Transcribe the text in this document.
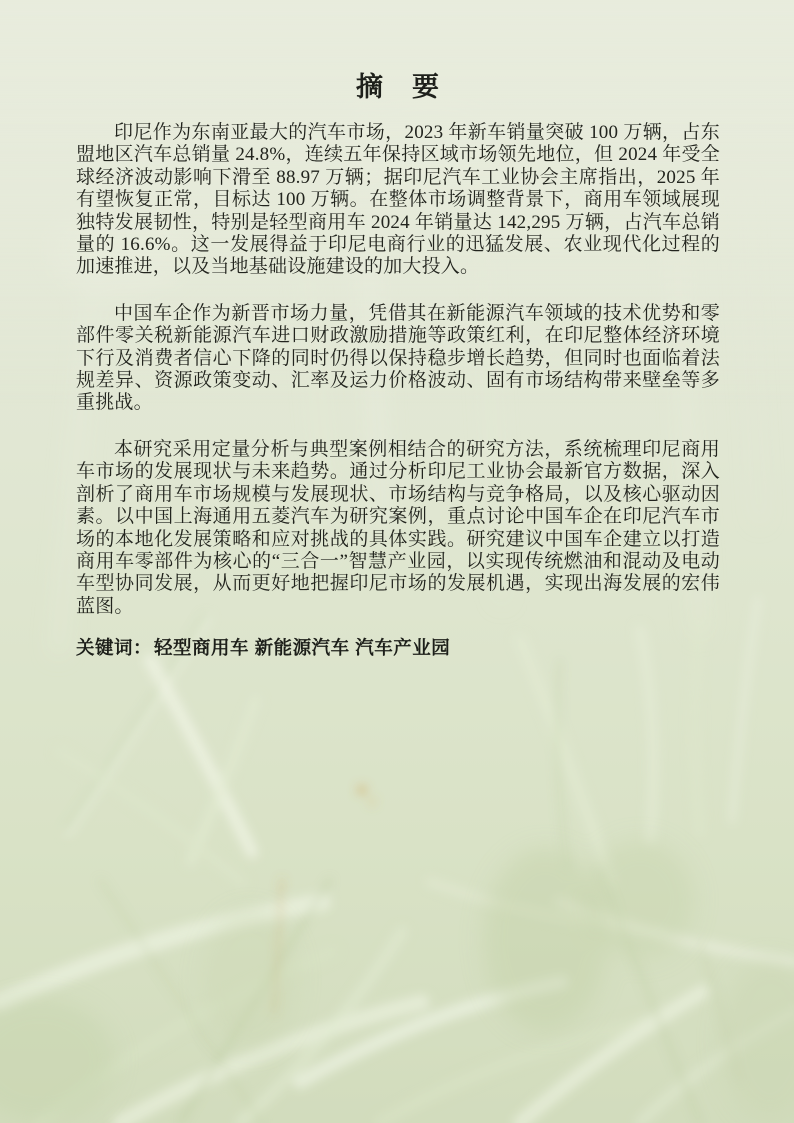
摘　要

印尼作为东南亚最大的汽车市场，2023 年新车销量突破 100 万辆，占东盟地区汽车总销量 24.8%，连续五年保持区域市场领先地位，但 2024 年受全球经济波动影响下滑至 88.97 万辆；据印尼汽车工业协会主席指出，2025 年有望恢复正常，目标达 100 万辆。在整体市场调整背景下，商用车领域展现独特发展韧性，特别是轻型商用车 2024 年销量达 142,295 万辆，占汽车总销量的 16.6%。这一发展得益于印尼电商行业的迅猛发展、农业现代化过程的加速推进，以及当地基础设施建设的加大投入。

中国车企作为新晋市场力量，凭借其在新能源汽车领域的技术优势和零部件零关税新能源汽车进口财政激励措施等政策红利，在印尼整体经济环境下行及消费者信心下降的同时仍得以保持稳步增长趋势，但同时也面临着法规差异、资源政策变动、汇率及运力价格波动、固有市场结构带来壁垒等多重挑战。

本研究采用定量分析与典型案例相结合的研究方法，系统梳理印尼商用车市场的发展现状与未来趋势。通过分析印尼工业协会最新官方数据，深入剖析了商用车市场规模与发展现状、市场结构与竞争格局，以及核心驱动因素。以中国上海通用五菱汽车为研究案例，重点讨论中国车企在印尼汽车市场的本地化发展策略和应对挑战的具体实践。研究建议中国车企建立以打造商用车零部件为核心的“三合一”智慧产业园，以实现传统燃油和混动及电动车型协同发展，从而更好地把握印尼市场的发展机遇，实现出海发展的宏伟蓝图。

关键词： 轻型商用车 新能源汽车 汽车产业园
